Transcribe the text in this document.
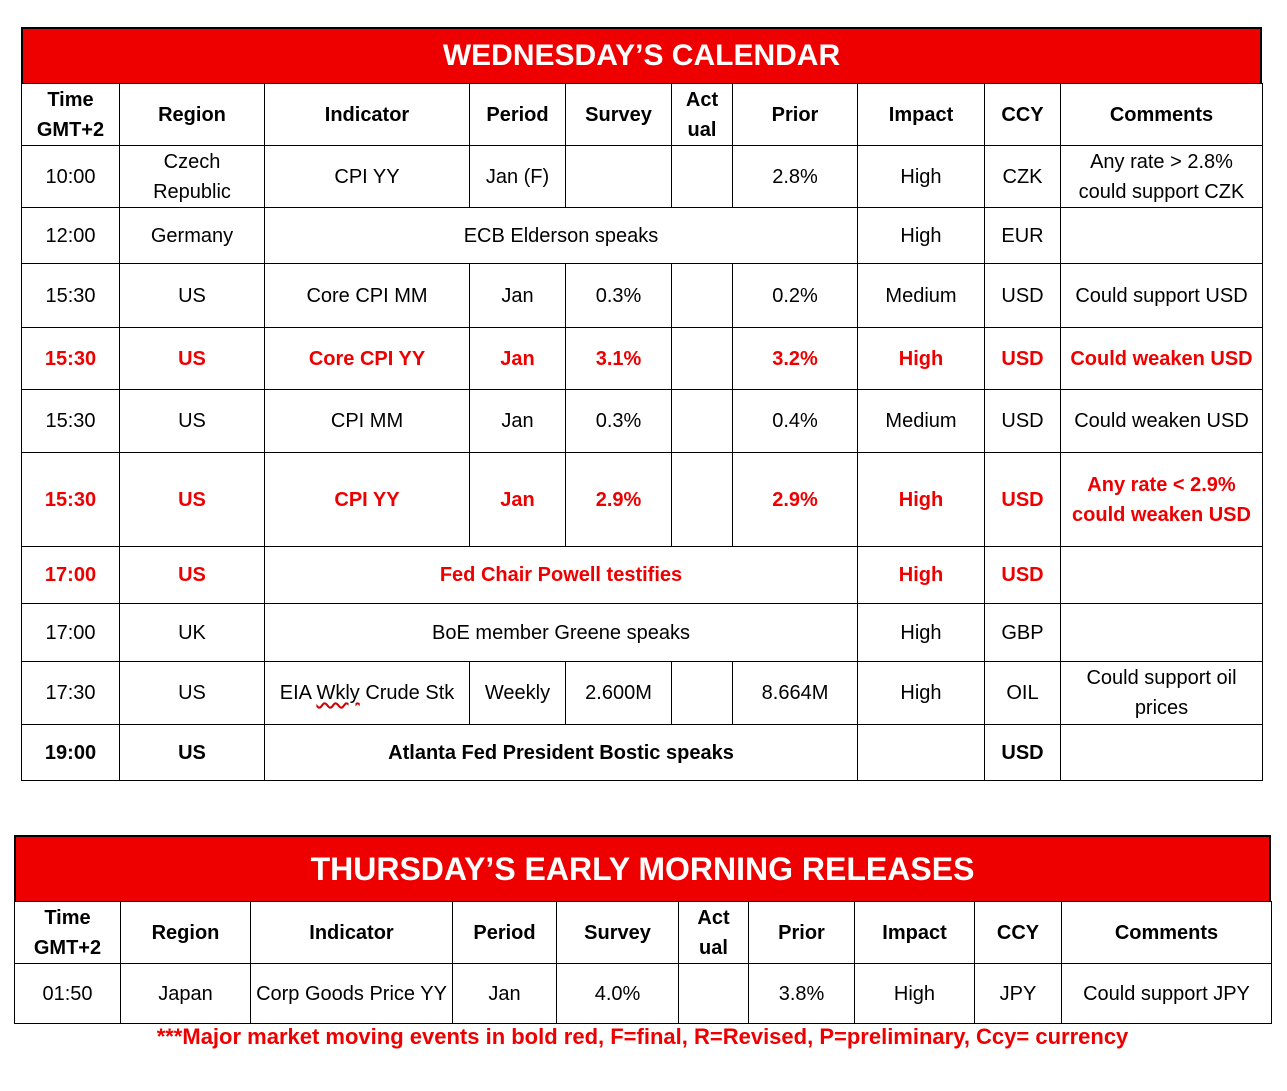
WEDNESDAY’S CALENDAR
Time GMT+2	Region	Indicator	Period	Survey	Act ual	Prior	Impact	CCY	Comments
10:00	Czech Republic	CPI YY	Jan (F)			2.8%	High	CZK	Any rate > 2.8% could support CZK
12:00	Germany	ECB Elderson speaks					High	EUR	
15:30	US	Core CPI MM	Jan	0.3%		0.2%	Medium	USD	Could support USD
15:30	US	Core CPI YY	Jan	3.1%		3.2%	High	USD	Could weaken USD
15:30	US	CPI MM	Jan	0.3%		0.4%	Medium	USD	Could weaken USD
15:30	US	CPI YY	Jan	2.9%		2.9%	High	USD	Any rate < 2.9% could weaken USD
17:00	US	Fed Chair Powell testifies					High	USD	
17:00	UK	BoE member Greene speaks					High	GBP	
17:30	US	EIA Wkly Crude Stk	Weekly	2.600M		8.664M	High	OIL	Could support oil prices
19:00	US	Atlanta Fed President Bostic speaks						USD	
THURSDAY’S EARLY MORNING RELEASES
Time GMT+2	Region	Indicator	Period	Survey	Act ual	Prior	Impact	CCY	Comments
01:50	Japan	Corp Goods Price YY	Jan	4.0%		3.8%	High	JPY	Could support JPY
***Major market moving events in bold red, F=final, R=Revised, P=preliminary, Ccy= currency
